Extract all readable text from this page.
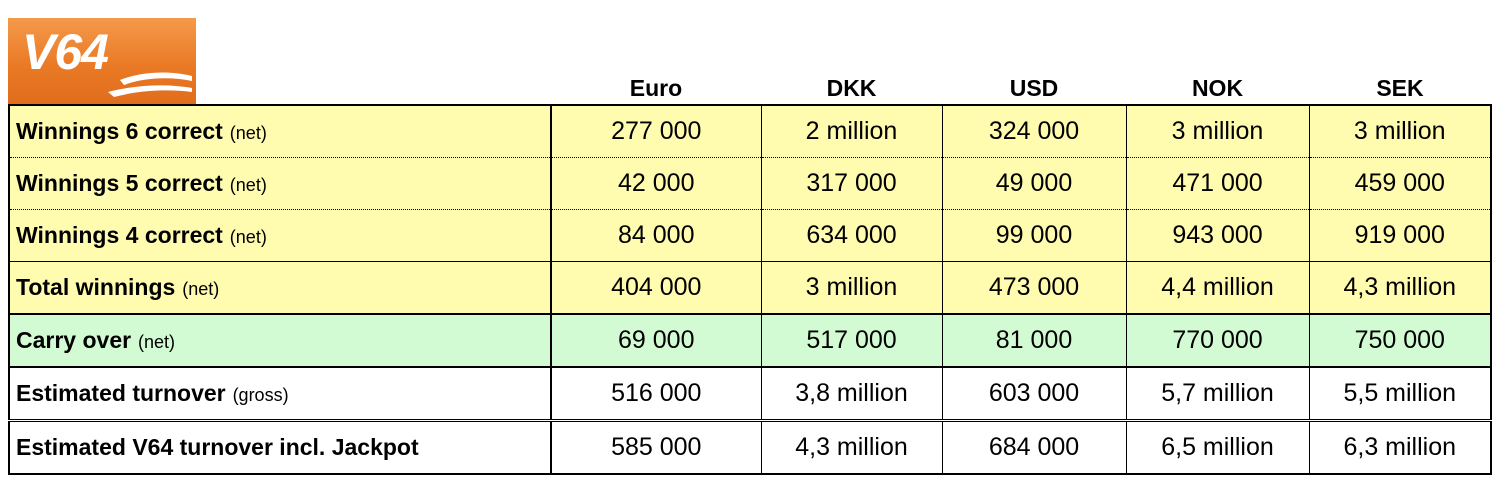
V64
	Euro	DKK	USD	NOK	SEK
Winnings 6 correct (net)	277 000	2 million	324 000	3 million	3 million
Winnings 5 correct (net)	42 000	317 000	49 000	471 000	459 000
Winnings 4 correct (net)	84 000	634 000	99 000	943 000	919 000
Total winnings (net)	404 000	3 million	473 000	4,4 million	4,3 million
Carry over (net)	69 000	517 000	81 000	770 000	750 000
Estimated turnover (gross)	516 000	3,8 million	603 000	5,7 million	5,5 million
Estimated V64 turnover incl. Jackpot	585 000	4,3 million	684 000	6,5 million	6,3 million
